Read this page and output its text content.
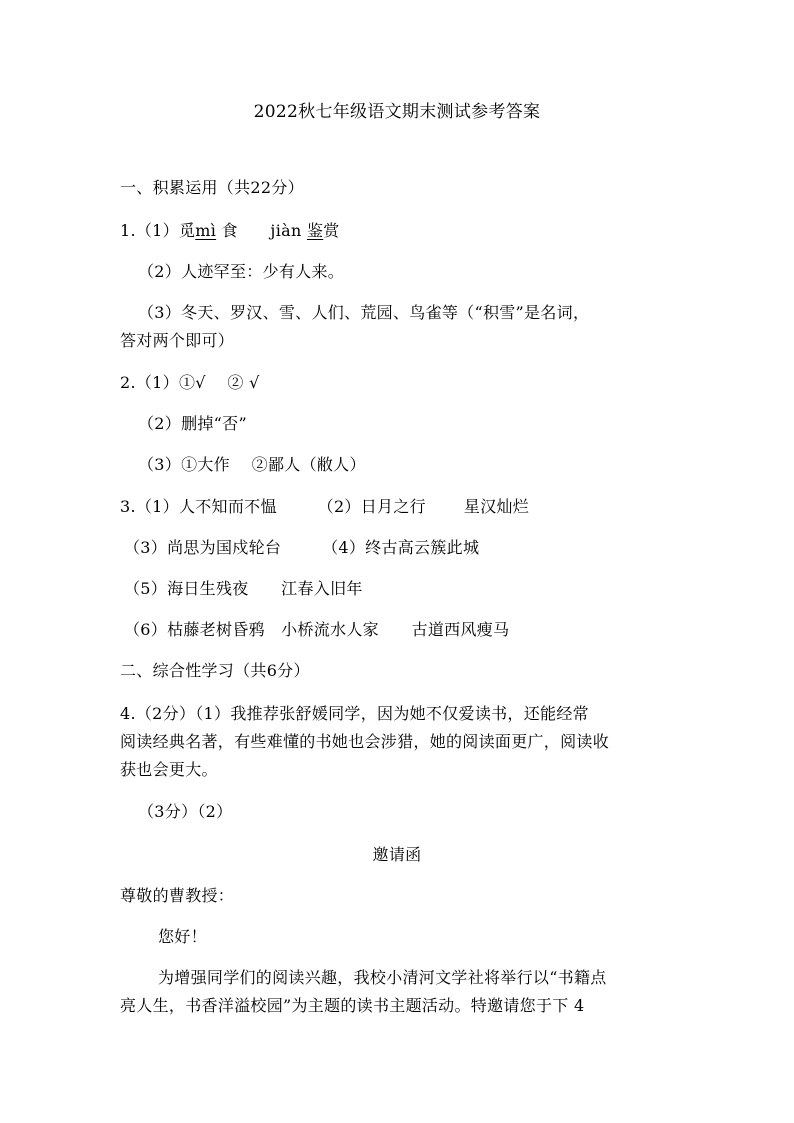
2022秋七年级语文期末测试参考答案
一、积累运用（共22分）
1.（1）觅mì 食　　jiàn 鉴赏
（2）人迹罕至：少有人来。
（3）冬天、罗汉、雪、人们、荒园、鸟雀等（“积雪”是名词，
答对两个即可）
2.（1）①√　 ② √
（2）删掉“否”
（3）①大作　 ②鄙人（敝人）
3.（1）人不知而不愠　　　（2）日月之行　　 星汉灿烂
（3）尚思为国戍轮台　　　（4）终古高云簇此城
（5）海日生残夜　　江春入旧年
（6）枯藤老树昏鸦　小桥流水人家　　古道西风瘦马
二、综合性学习（共6分）
4.（2分）（1）我推荐张舒媛同学，因为她不仅爱读书，还能经常
阅读经典名著，有些难懂的书她也会涉猎，她的阅读面更广，阅读收
获也会更大。
（3分）（2）
邀请函
尊敬的曹教授：
您好！
为增强同学们的阅读兴趣，我校小清河文学社将举行以“书籍点
亮人生，书香洋溢校园”为主题的读书主题活动。特邀请您于下 4
